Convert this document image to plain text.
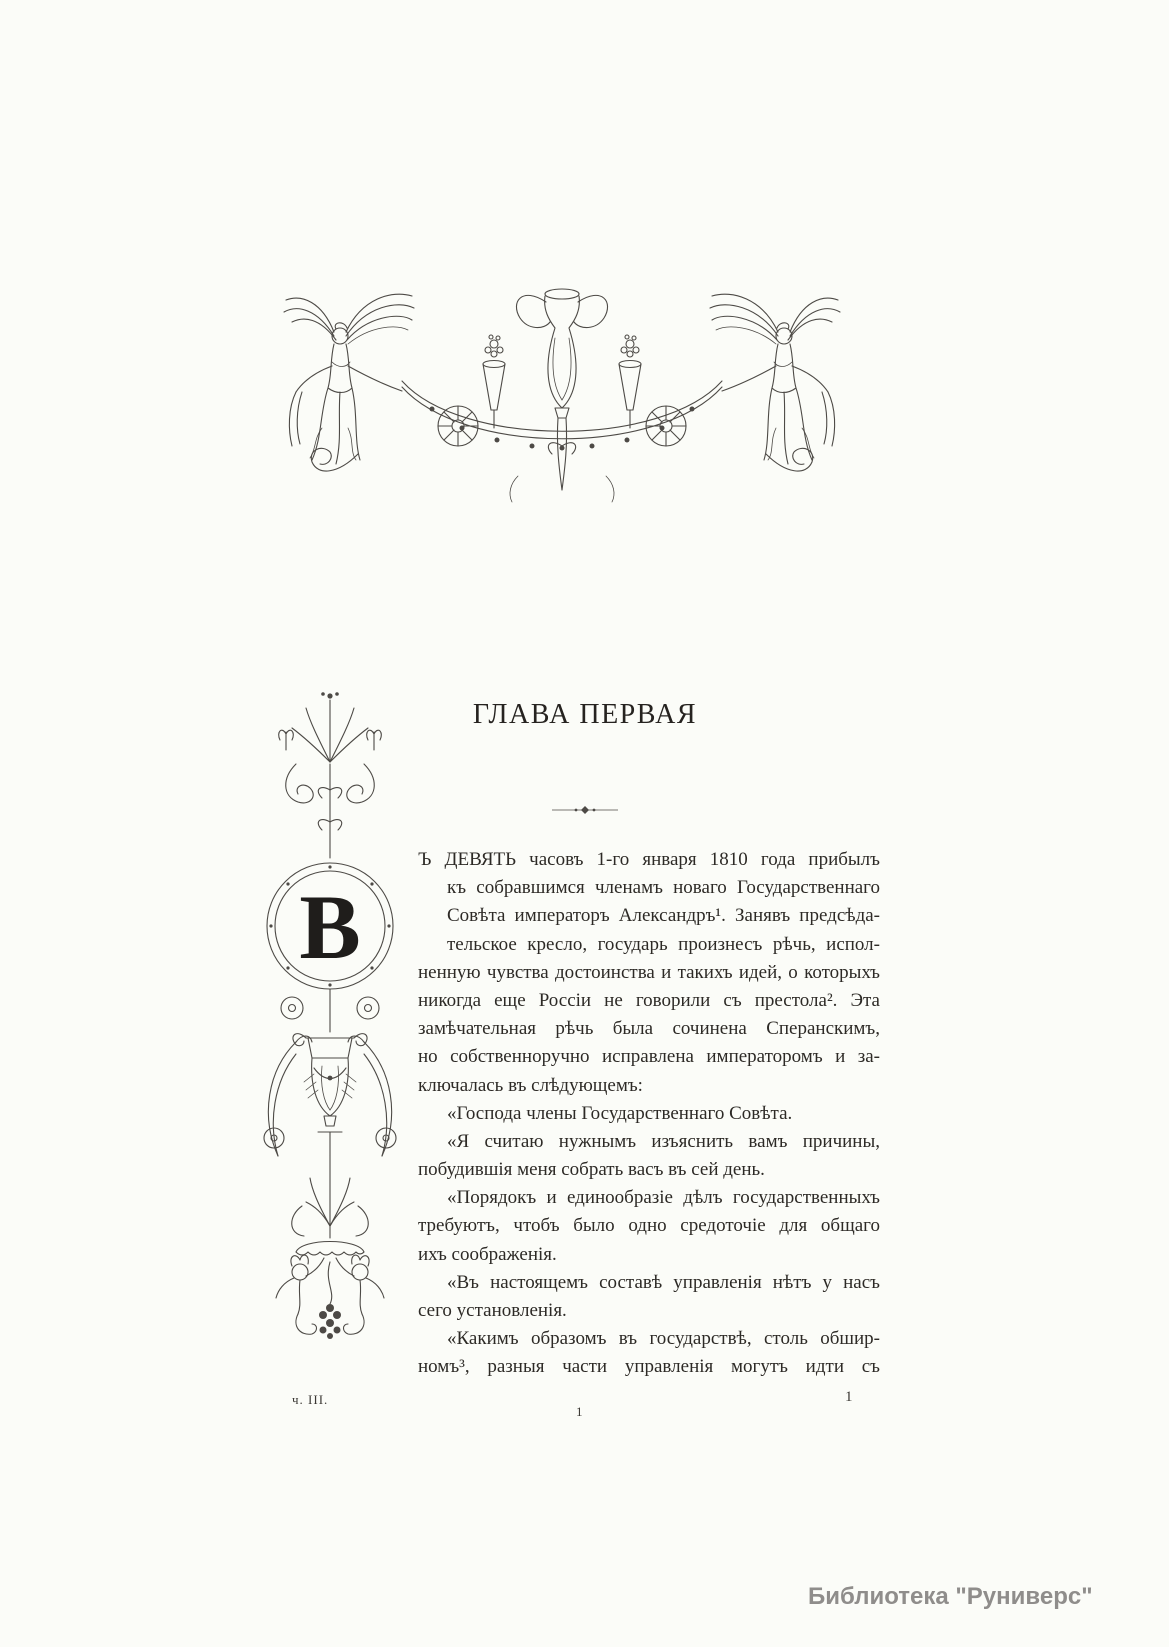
ГЛАВА ПЕРВАЯ
В
Ъ ДЕВЯТЬ часовъ 1-го января 1810 года прибылъ
къ собравшимся членамъ новаго Государственнаго
Совѣта императоръ Александръ¹. Занявъ предсѣда-
тельское кресло, государь произнесъ рѣчь, испол-
ненную чувства достоинства и такихъ идей, о которыхъ
никогда еще Россіи не говорили съ престола². Эта
замѣчательная рѣчь была сочинена Сперанскимъ,
но собственноручно исправлена императоромъ и за-
ключалась въ слѣдующемъ:
«Господа члены Государственнаго Совѣта.
«Я считаю нужнымъ изъяснить вамъ причины,
побудившія меня собрать васъ въ сей день.
«Порядокъ и единообразіе дѣлъ государственныхъ
требуютъ, чтобъ было одно средоточіе для общаго
ихъ соображенія.
«Въ настоящемъ составѣ управленія нѣтъ у насъ
сего установленія.
«Какимъ образомъ въ государствѣ, столь обшир-
номъ³, разныя части управленія могутъ идти съ
ч. III.	1
1
Библиотека "Руниверс"
